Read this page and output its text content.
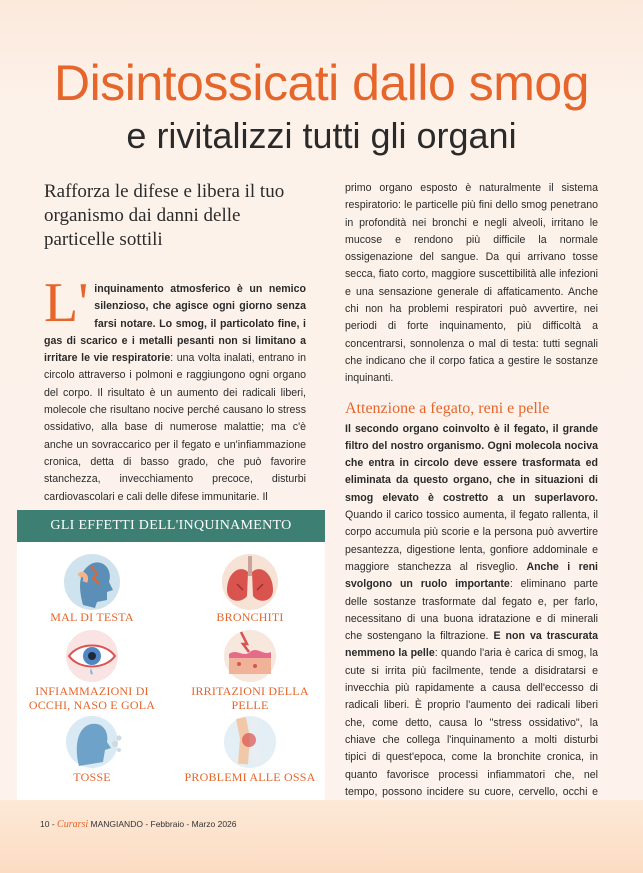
Disintossicati dallo smog
e rivitalizzi tutti gli organi
Rafforza le difese e libera il tuo organismo dai danni delle particelle sottili
L' inquinamento atmosferico è un nemico silenzioso, che agisce ogni giorno senza farsi notare. Lo smog, il particolato fine, i gas di scarico e i metalli pesanti non si limitano a irritare le vie respiratorie: una volta inalati, entrano in circolo attraverso i polmoni e raggiungono ogni organo del corpo. Il risultato è un aumento dei radicali liberi, molecole che risultano nocive perché causano lo stress ossidativo, alla base di numerose malattie; ma c'è anche un sovraccarico per il fegato e un'infiammazione cronica, detta di basso grado, che può favorire stanchezza, invecchiamento precoce, disturbi cardiovascolari e cali delle difese immunitarie. Il

primo organo esposto è naturalmente il sistema respiratorio: le particelle più fini dello smog penetrano in profondità nei bronchi e negli alveoli, irritano le mucose e rendono più difficile la normale ossigenazione del sangue. Da qui arrivano tosse secca, fiato corto, maggiore suscettibilità alle infezioni e una sensazione generale di affaticamento. Anche chi non ha problemi respiratori può avvertire, nei periodi di forte inquinamento, più difficoltà a concentrarsi, sonnolenza o mal di testa: tutti segnali che indicano che il corpo fatica a gestire le sostanze inquinanti.

Attenzione a fegato, reni e pelle

Il secondo organo coinvolto è il fegato, il grande filtro del nostro organismo. Ogni molecola nociva che entra in circolo deve essere trasformata ed eliminata da questo organo, che in situazioni di smog elevato è costretto a un superlavoro. Quando il carico tossico aumenta, il fegato rallenta, il corpo accumula più scorie e la persona può avvertire pesantezza, digestione lenta, gonfiore addominale e maggiore stanchezza al risveglio. Anche i reni svolgono un ruolo importante: eliminano parte delle sostanze trasformate dal fegato e, per farlo, necessitano di una buona idratazione e di minerali che sostengano la filtrazione. E non va trascurata nemmeno la pelle: quando l'aria è carica di smog, la cute si irrita più facilmente, tende a disidratarsi e invecchia più rapidamente a causa dell'eccesso di radicali liberi. È proprio l'aumento dei radicali liberi che, come detto, causa lo "stress ossidativo", la chiave che collega l'inquinamento a molti disturbi tipici di quest'epoca, come la bronchite cronica, in quanto favorisce processi infiammatori che, nel tempo, possono incidere su cuore, cervello, occhi e

GLI EFFETTI DELL'INQUINAMENTO
MAL DI TESTA	BRONCHITI
INFIAMMAZIONI DI OCCHI, NASO E GOLA
IRRITAZIONI DELLA PELLE
TOSSE	PROBLEMI ALLE OSSA
10 - Curarsi MANGIANDO - Febbraio - Marzo 2026
